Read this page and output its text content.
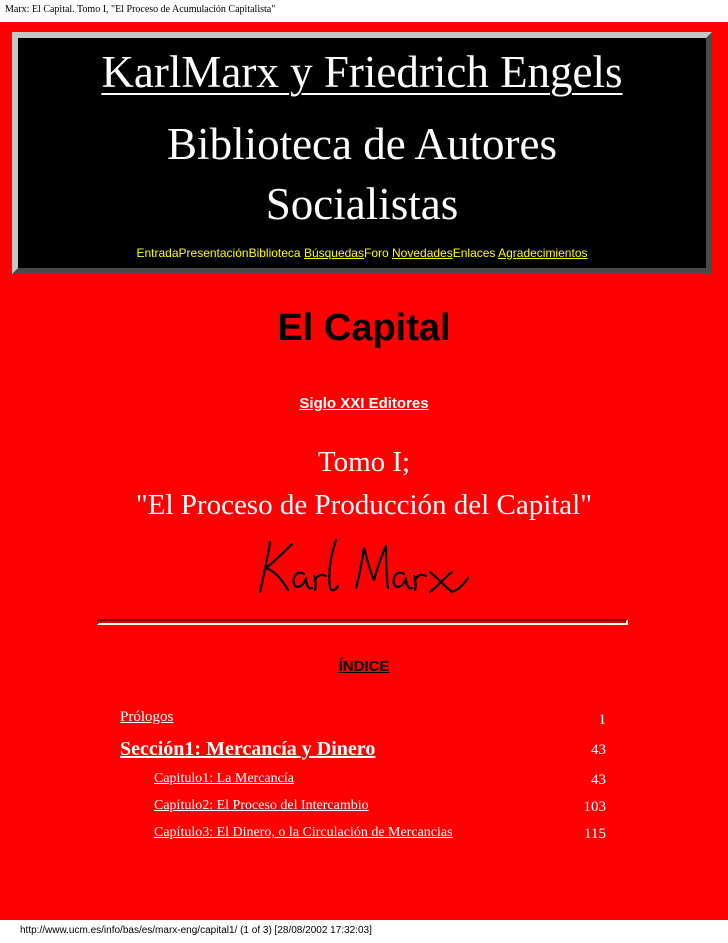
Marx: El Capital. Tomo I, "El Proceso de Acumulación Capitalista"
KarlMarx y Friedrich Engels
Biblioteca de Autores
Socialistas
EntradaPresentaciónBiblioteca BúsquedasForo NovedadesEnlaces Agradecimientos
El Capital
Siglo XXI Editores
Tomo I;
"El Proceso de Producción del Capital"
ÍNDICE
Prólogos	1
Sección1: Mercancía y Dinero	43
Capitulo1: La Mercancía	43
Capítulo2: El Proceso del Intercambio	103
Capítulo3: El Dinero, o la Circulación de Mercancias	115
http://www.ucm.es/info/bas/es/marx-eng/capital1/ (1 of 3) [28/08/2002 17:32:03]
